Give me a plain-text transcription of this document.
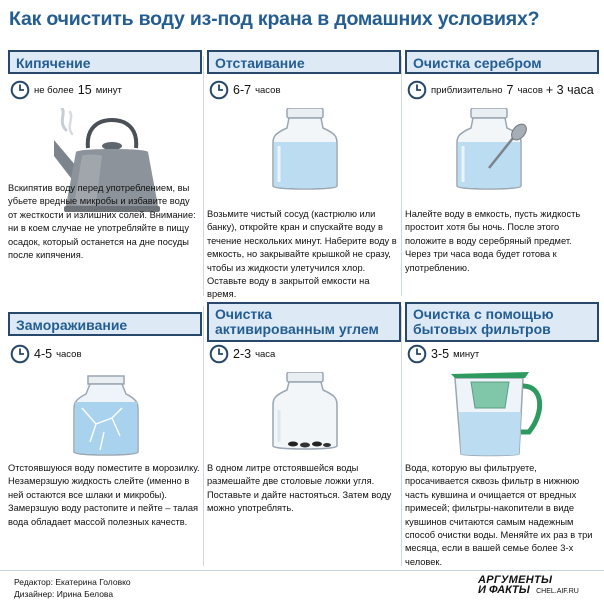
Как очистить воду из-под крана в домашних условиях?
Кипячение
не более 15 минут
Вскипятив воду перед употреблением, вы убьете вредные микробы и избавите воду от жесткости и излишних солей. Внимание: ни в коем случае не употребляйте в пищу осадок, который останется на дне посуды после кипячения.
Отстаивание
6-7 часов
Возьмите чистый сосуд (кастрюлю или банку), откройте кран и спускайте воду в течение нескольких минут. Наберите воду в емкость, но закрывайте крышкой не сразу, чтобы из жидкости улетучился хлор. Оставьте воду в закрытой емкости на время.
Очистка серебром
приблизительно 7 часов + 3 часа
Налейте воду в емкость, пусть жидкость простоит хотя бы ночь. После этого положите в воду серебряный предмет. Через три часа вода будет готова к употреблению.
Замораживание
4-5 часов
Отстоявшуюся воду поместите в морозилку. Незамерзшую жидкость слейте (именно в ней остаются все шлаки и микробы). Замерзшую воду растопите и пейте – талая вода обладает массой полезных качеств.
Очистка активированным углем
2-3 часа
В одном литре отстоявшейся воды размешайте две столовые ложки угля. Поставьте и дайте настояться. Затем воду можно употреблять.
Очистка с помощью бытовых фильтров
3-5 минут
Вода, которую вы фильтруете, просачивается сквозь фильтр в нижнюю часть кувшина и очищается от вредных примесей; фильтры-накопители в виде кувшинов считаются самым надежным способ очистки воды. Меняйте их раз в три месяца, если в вашей семье более 3-х человек.
Редактор: Екатерина Головко
Дизайнер: Ирина Белова
АРГУМЕНТЫ
И ФАКТЫ CHEL.AIF.RU
